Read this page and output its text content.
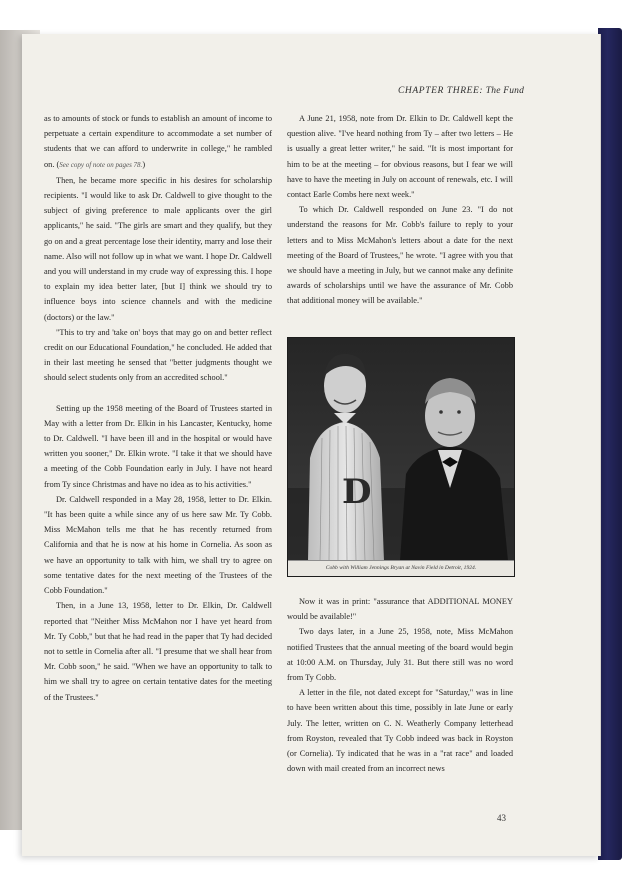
CHAPTER THREE: The Fund

as to amounts of stock or funds to establish an amount of income to perpetuate a certain expenditure to accommodate a set number of students that we can afford to underwrite in college," he rambled on. (See copy of note on pages 78.)

Then, he became more specific in his desires for scholarship recipients. "I would like to ask Dr. Caldwell to give thought to the subject of giving preference to male applicants over the girl applicants," he said. "The girls are smart and they qualify, but they go on and a great percentage lose their identity, marry and lose their name. Also will not follow up in what we want. I hope Dr. Caldwell and you will understand in my crude way of expressing this. I hope to explain my idea better later, [but I] think we should try to influence boys into science channels and with the medicine (doctors) or the law."

"This to try and 'take on' boys that may go on and better reflect credit on our Educational Foundation," he concluded. He added that in their last meeting he sensed that "better judgments thought we should select students only from an accredited school."

Setting up the 1958 meeting of the Board of Trustees started in May with a letter from Dr. Elkin in his Lancaster, Kentucky, home to Dr. Caldwell. "I have been ill and in the hospital or would have written you sooner," Dr. Elkin wrote. "I take it that we should have a meeting of the Cobb Foundation early in July. I have not heard from Ty since Christmas and have no idea as to his activities."

Dr. Caldwell responded in a May 28, 1958, letter to Dr. Elkin. "It has been quite a while since any of us here saw Mr. Ty Cobb. Miss McMahon tells me that he has recently returned from California and that he is now at his home in Cornelia. As soon as we have an opportunity to talk with him, we shall try to agree on some tentative dates for the next meeting of the Trustees of the Cobb Foundation."

Then, in a June 13, 1958, letter to Dr. Elkin, Dr. Caldwell reported that "Neither Miss McMahon nor I have yet heard from Mr. Ty Cobb," but that he had read in the paper that Ty had decided not to settle in Cornelia after all. "I presume that we shall hear from Mr. Cobb soon," he said. "When we have an opportunity to talk to him we shall try to agree on certain tentative dates for the meeting of the Trustees."

A June 21, 1958, note from Dr. Elkin to Dr. Caldwell kept the question alive. "I've heard nothing from Ty – after two letters – He is usually a great letter writer," he said. "It is most important for him to be at the meeting – for obvious reasons, but I fear we will have to have the meeting in July on account of renewals, etc. I will contact Earle Combs here next week."

To which Dr. Caldwell responded on June 23. "I do not understand the reasons for Mr. Cobb's failure to reply to your letters and to Miss McMahon's letters about a date for the next meeting of the Board of Trustees," he wrote. "I agree with you that we should have a meeting in July, but we cannot make any definite awards of scholarships until we have the assurance of Mr. Cobb that additional money will be available."

D
Cobb with William Jennings Bryan at Navin Field in Detroit, 1924.

Now it was in print: "assurance that ADDITIONAL MONEY would be available!"

Two days later, in a June 25, 1958, note, Miss McMahon notified Trustees that the annual meeting of the board would begin at 10:00 A.M. on Thursday, July 31. But there still was no word from Ty Cobb.

A letter in the file, not dated except for "Saturday," was in line to have been written about this time, possibly in late June or early July. The letter, written on C. N. Weatherly Company letterhead from Royston, revealed that Ty Cobb indeed was back in Royston (or Cornelia). Ty indicated that he was in a "rat race" and loaded down with mail created from an incorrect news

43
